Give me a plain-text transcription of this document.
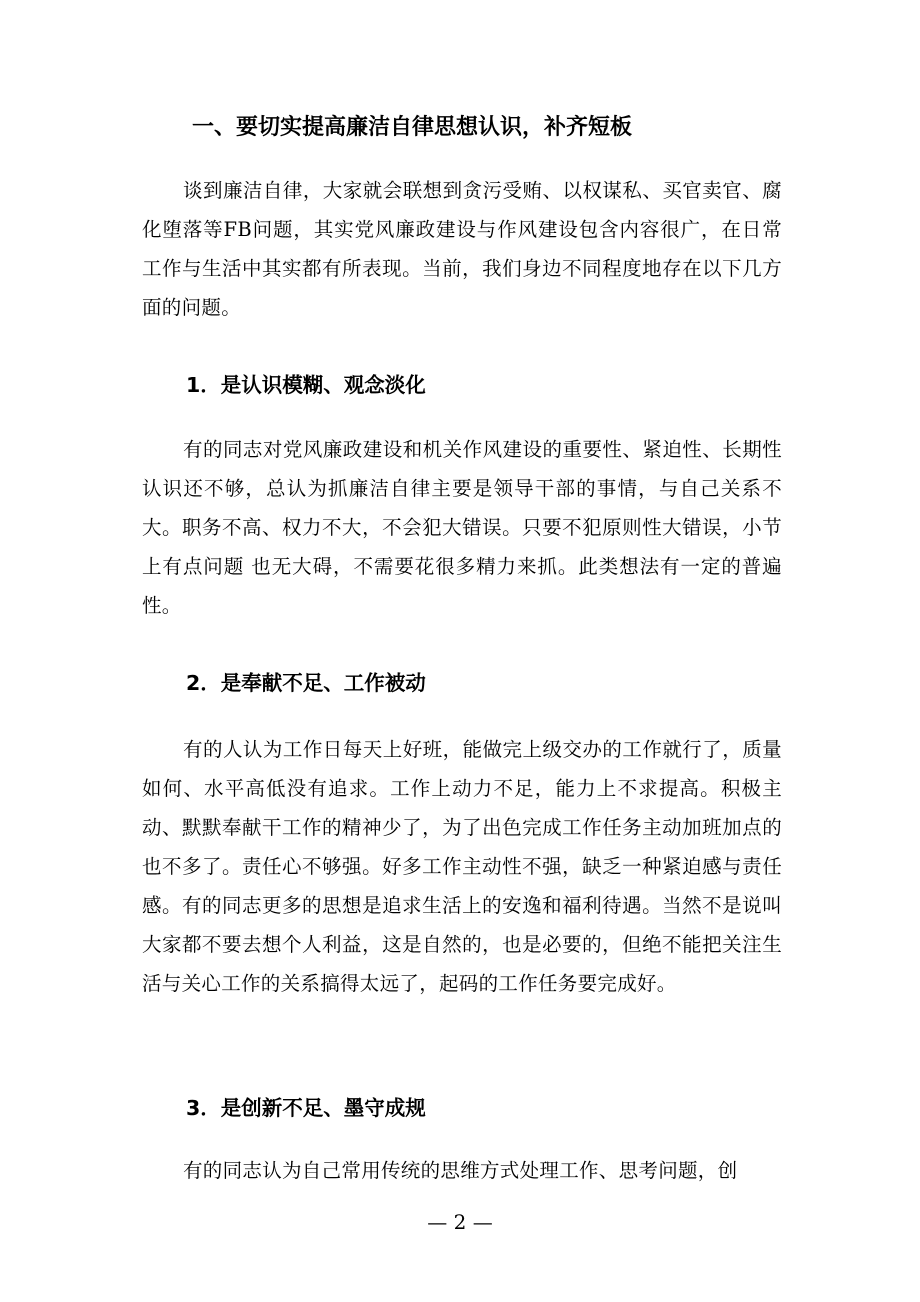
一、要切实提高廉洁自律思想认识，补齐短板

谈到廉洁自律，大家就会联想到贪污受贿、以权谋私、买官卖官、腐化堕落等FB问题，其实党风廉政建设与作风建设包含内容很广，在日常工作与生活中其实都有所表现。当前，我们身边不同程度地存在以下几方面的问题。

1．是认识模糊、观念淡化

有的同志对党风廉政建设和机关作风建设的重要性、紧迫性、长期性认识还不够，总认为抓廉洁自律主要是领导干部的事情，与自己关系不大。职务不高、权力不大，不会犯大错误。只要不犯原则性大错误，小节上有点问题 也无大碍，不需要花很多精力来抓。此类想法有一定的普遍性。

2．是奉献不足、工作被动

有的人认为工作日每天上好班，能做完上级交办的工作就行了，质量如何、水平高低没有追求。工作上动力不足，能力上不求提高。积极主动、默默奉献干工作的精神少了，为了出色完成工作任务主动加班加点的也不多了。责任心不够强。好多工作主动性不强，缺乏一种紧迫感与责任感。有的同志更多的思想是追求生活上的安逸和福利待遇。当然不是说叫大家都不要去想个人利益，这是自然的，也是必要的，但绝不能把关注生活与关心工作的关系搞得太远了，起码的工作任务要完成好。

3．是创新不足、墨守成规

有的同志认为自己常用传统的思维方式处理工作、思考问题，创

— 2 —
